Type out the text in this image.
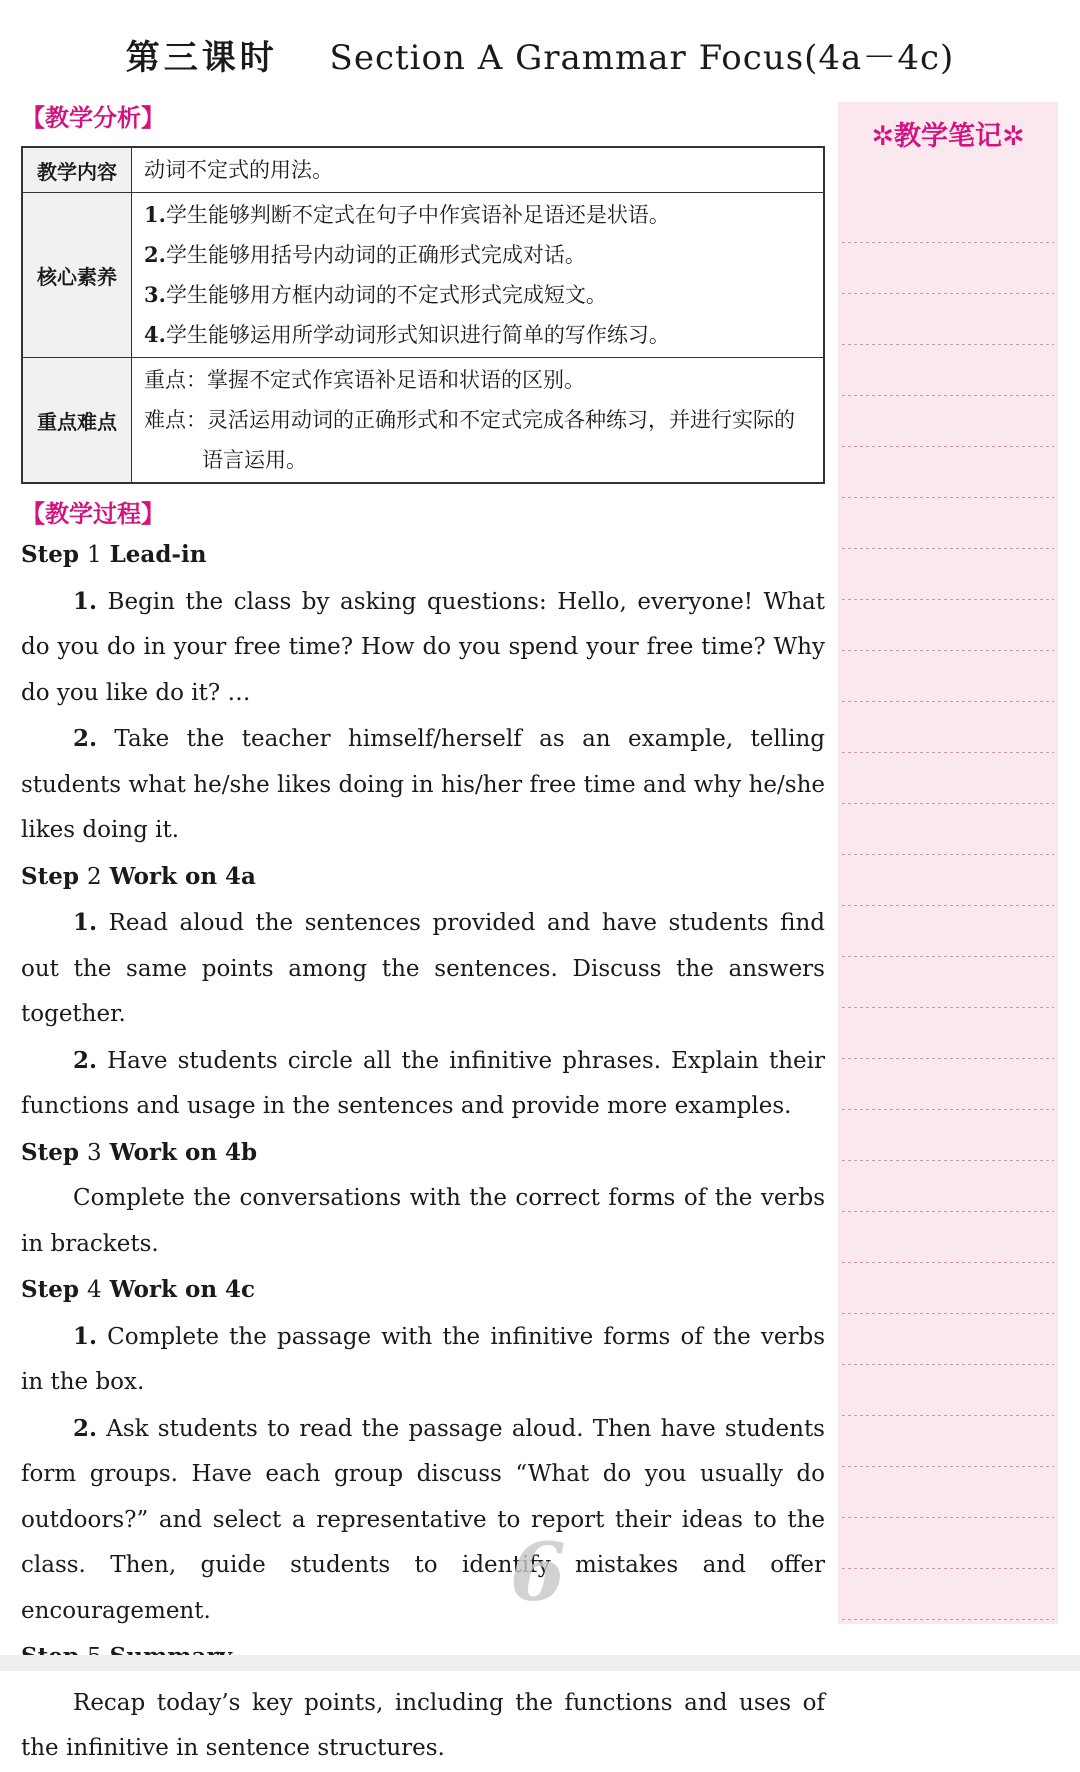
第三课时 Section A Grammar Focus(4a－4c)
【教学分析】
教学内容	动词不定式的用法。
核心素养	1.学生能够判断不定式在句子中作宾语补足语还是状语。
2.学生能够用括号内动词的正确形式完成对话。
3.学生能够用方框内动词的不定式形式完成短文。
4.学生能够运用所学动词形式知识进行简单的写作练习。

重点难点	重点：掌握不定式作宾语补足语和状语的区别。
难点：灵活运用动词的正确形式和不定式完成各种练习，并进行实际的语言运用。
【教学过程】
Step 1 Lead-in

1. Begin the class by asking questions: Hello, everyone! What do you do in your free time? How do you spend your free time? Why do you like do it? …

2. Take the teacher himself/herself as an example, telling students what he/she likes doing in his/her free time and why he/she likes doing it.

Step 2 Work on 4a

1. Read aloud the sentences provided and have students find out the same points among the sentences. Discuss the answers together.

2. Have students circle all the infinitive phrases. Explain their functions and usage in the sentences and provide more examples.

Step 3 Work on 4b

Complete the conversations with the correct forms of the verbs in brackets.

Step 4 Work on 4c

1. Complete the passage with the infinitive forms of the verbs in the box.

2. Ask students to read the passage aloud. Then have students form groups. Have each group discuss “What do you usually do outdoors?” and select a representative to report their ideas to the class. Then, guide students to identify mistakes and offer encouragement.

Recap today’s key points, including the functions and uses of the infinitive in sentence structures.

6
✲教学笔记✲
